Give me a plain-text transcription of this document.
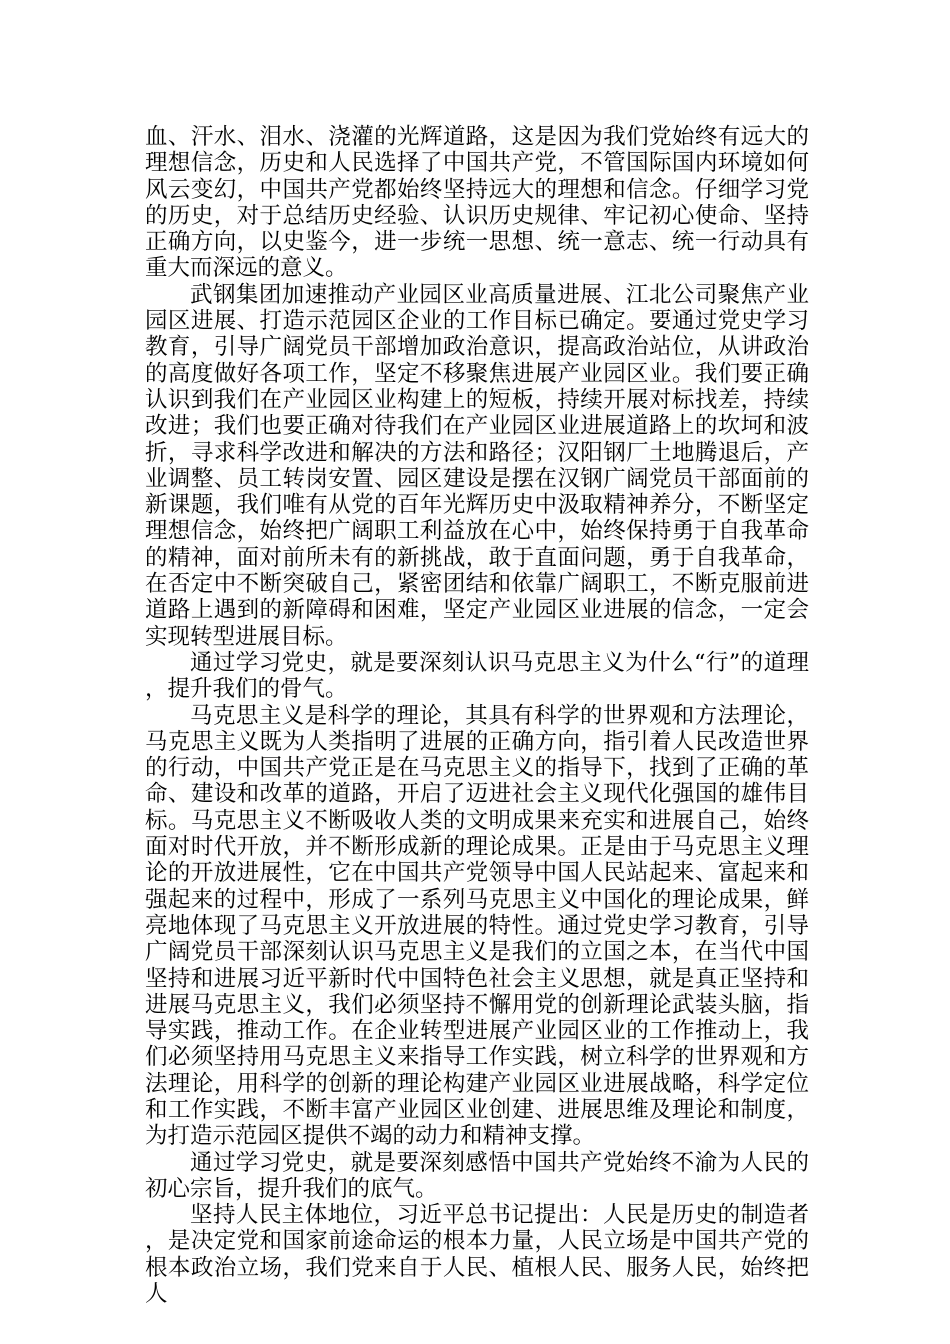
血、汗水、泪水、浇灌的光辉道路，这是因为我们党始终有远大的理想信念，历史和人民选择了中国共产党，不管国际国内环境如何风云变幻，中国共产党都始终坚持远大的理想和信念。仔细学习党的历史，对于总结历史经验、认识历史规律、牢记初心使命、坚持正确方向，以史鉴今，进一步统一思想、统一意志、统一行动具有重大而深远的意义。

武钢集团加速推动产业园区业高质量进展、江北公司聚焦产业园区进展、打造示范园区企业的工作目标已确定。要通过党史学习教育，引导广阔党员干部增加政治意识，提高政治站位，从讲政治的高度做好各项工作，坚定不移聚焦进展产业园区业。我们要正确认识到我们在产业园区业构建上的短板，持续开展对标找差，持续改进；我们也要正确对待我们在产业园区业进展道路上的坎坷和波折，寻求科学改进和解决的方法和路径；汉阳钢厂土地腾退后，产业调整、员工转岗安置、园区建设是摆在汉钢广阔党员干部面前的新课题，我们唯有从党的百年光辉历史中汲取精神养分，不断坚定理想信念，始终把广阔职工利益放在心中，始终保持勇于自我革命的精神，面对前所未有的新挑战，敢于直面问题，勇于自我革命，在否定中不断突破自己，紧密团结和依靠广阔职工，不断克服前进道路上遇到的新障碍和困难，坚定产业园区业进展的信念，一定会实现转型进展目标。

通过学习党史，就是要深刻认识马克思主义为什么“行”的道理，提升我们的骨气。

马克思主义是科学的理论，其具有科学的世界观和方法理论，马克思主义既为人类指明了进展的正确方向，指引着人民改造世界的行动，中国共产党正是在马克思主义的指导下，找到了正确的革命、建设和改革的道路，开启了迈进社会主义现代化强国的雄伟目标。马克思主义不断吸收人类的文明成果来充实和进展自己，始终面对时代开放，并不断形成新的理论成果。正是由于马克思主义理论的开放进展性，它在中国共产党领导中国人民站起来、富起来和强起来的过程中，形成了一系列马克思主义中国化的理论成果，鲜亮地体现了马克思主义开放进展的特性。通过党史学习教育，引导广阔党员干部深刻认识马克思主义是我们的立国之本，在当代中国坚持和进展习近平新时代中国特色社会主义思想，就是真正坚持和进展马克思主义，我们必须坚持不懈用党的创新理论武装头脑，指导实践，推动工作。在企业转型进展产业园区业的工作推动上，我们必须坚持用马克思主义来指导工作实践，树立科学的世界观和方法理论，用科学的创新的理论构建产业园区业进展战略，科学定位和工作实践，不断丰富产业园区业创建、进展思维及理论和制度，为打造示范园区提供不竭的动力和精神支撑。

通过学习党史，就是要深刻感悟中国共产党始终不渝为人民的初心宗旨，提升我们的底气。

坚持人民主体地位，习近平总书记提出：人民是历史的制造者，是决定党和国家前途命运的根本力量，人民立场是中国共产党的根本政治立场，我们党来自于人民、植根人民、服务人民，始终把人
